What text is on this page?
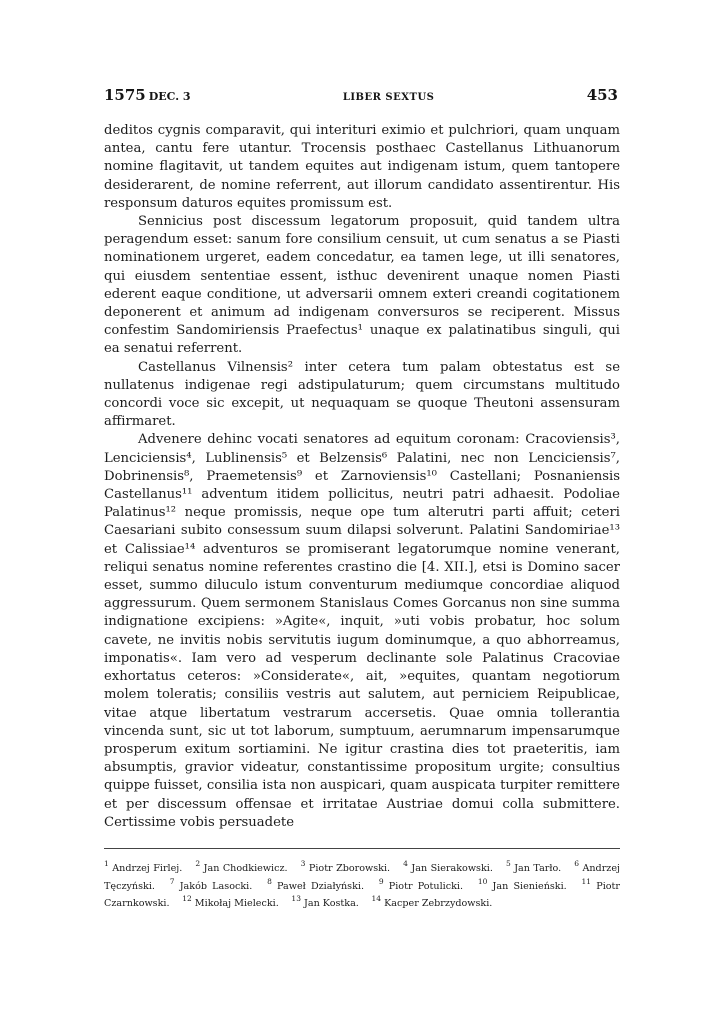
1575 DEC. 3	LIBER SEXTUS	453

deditos cygnis comparavit, qui interituri eximio et pulchriori, quam unquam antea, cantu fere utantur. Trocensis posthaec Castellanus Lithuanorum nomine flagitavit, ut tandem equites aut indigenam istum, quem tantopere desiderarent, de nomine referrent, aut illorum candidato assentirentur. His responsum daturos equites promissum est.

Sennicius post discessum legatorum proposuit, quid tandem ultra peragendum esset: sanum fore consilium censuit, ut cum senatus a se Piasti nominationem urgeret, eadem concedatur, ea tamen lege, ut illi senatores, qui eiusdem sententiae essent, isthuc devenirent unaque nomen Piasti ederent eaque conditione, ut adversarii omnem exteri creandi cogitationem deponerent et animum ad indigenam conversuros se reciperent. Missus confestim Sandomiriensis Praefectus¹ unaque ex palatinatibus singuli, qui ea senatui referrent.

Castellanus Vilnensis² inter cetera tum palam obtestatus est se nullatenus indigenae regi adstipulaturum; quem circumstans multitudo concordi voce sic excepit, ut nequaquam se quoque Theutoni assensuram affirmaret.

Advenere dehinc vocati senatores ad equitum coronam: Cracoviensis³, Lenciciensis⁴, Lublinensis⁵ et Belzensis⁶ Palatini, nec non Lenciciensis⁷, Dobrinensis⁸, Praemetensis⁹ et Zarnoviensis¹⁰ Castellani; Posnaniensis Castellanus¹¹ adventum itidem pollicitus, neutri patri adhaesit. Podoliae Palatinus¹² neque promissis, neque ope tum alterutri parti affuit; ceteri Caesariani subito consessum suum dilapsi solverunt. Palatini Sandomiriae¹³ et Calissiae¹⁴ adventuros se promiserant legatorumque nomine venerant, reliqui senatus nomine referentes crastino die [4. XII.], etsi is Domino sacer esset, summo diluculo istum conventurum mediumque concordiae aliquod aggressurum. Quem sermonem Stanislaus Comes Gorcanus non sine summa indignatione excipiens: »Agite«, inquit, »uti vobis probatur, hoc solum cavete, ne invitis nobis servitutis iugum dominumque, a quo abhorreamus, imponatis«. Iam vero ad vesperum declinante sole Palatinus Cracoviae exhortatus ceteros: »Considerate«, ait, »equites, quantam negotiorum molem toleratis; consiliis vestris aut salutem, aut perniciem Reipublicae, vitae atque libertatum vestrarum accersetis. Quae omnia tollerantia vincenda sunt, sic ut tot laborum, sumptuum, aerumnarum impensarumque prosperum exitum sortiamini. Ne igitur crastina dies tot praeteritis, iam absumptis, gravior videatur, constantissime propositum urgite; consultius quippe fuisset, consilia ista non auspicari, quam auspicata turpiter remittere et per discessum offensae et irritatae Austriae domui colla submittere. Certissime vobis persuadete

$^1$ Andrzej Firlej.  $^2$ Jan Chodkiewicz.  $^3$ Piotr Zborowski.  $^4$ Jan Sierakowski.  $^5$ Jan Tarło.  $^6$ Andrzej Tęczyński.  $^7$ Jakób Lasocki.  $^8$ Paweł Działyński.  $^9$ Piotr Potulicki.  $^{10}$ Jan Sienieński.  $^{11}$ Piotr Czarnkowski.  $^{12}$ Mikołaj Mielecki.  $^{13}$ Jan Kostka.  $^{14}$ Kacper Zebrzydowski. 
